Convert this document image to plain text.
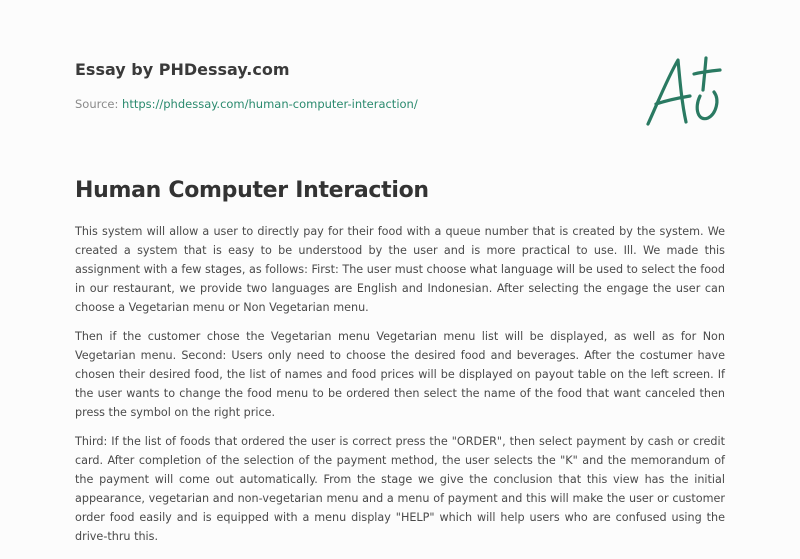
Essay by PHDessay.com
Source: https://phdessay.com/human-computer-interaction/
Human Computer Interaction

This system will allow a user to directly pay for their food with a queue number that is created by the system. We created a system that is easy to be understood by the user and is more practical to use. Ill. We made this assignment with a few stages, as follows: First: The user must choose what language will be used to select the food in our restaurant, we provide two languages are English and Indonesian. After selecting the engage the user can choose a Vegetarian menu or Non Vegetarian menu.

Then if the customer chose the Vegetarian menu Vegetarian menu list will be displayed, as well as for Non Vegetarian menu. Second: Users only need to choose the desired food and beverages. After the costumer have chosen their desired food, the list of names and food prices will be displayed on payout table on the left screen. If the user wants to change the food menu to be ordered then select the name of the food that want canceled then press the symbol on the right price.

Third: If the list of foods that ordered the user is correct press the "ORDER", then select payment by cash or credit card. After completion of the selection of the payment method, the user selects the "K" and the memorandum of the payment will come out automatically. From the stage we give the conclusion that this view has the initial appearance, vegetarian and non-vegetarian menu and a menu of payment and this will make the user or customer order food easily and is equipped with a menu display "HELP" which will help users who are confused using the drive-thru this.
